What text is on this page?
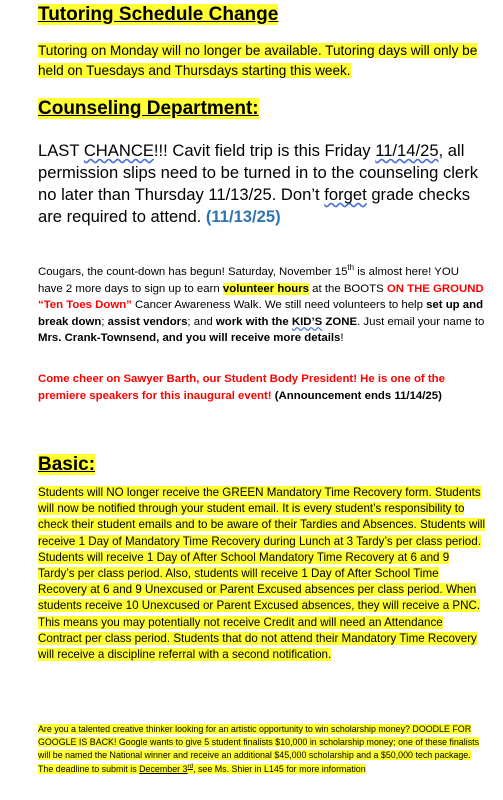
Tutoring Schedule Change
Tutoring on Monday will no longer be available. Tutoring days will only be held on Tuesdays and Thursdays starting this week.
Counseling Department:
LAST CHANCE!!! Cavit field trip is this Friday 11/14/25, all permission slips need to be turned in to the counseling clerk no later than Thursday 11/13/25. Don’t forget grade checks are required to attend. (11/13/25)
Cougars, the count-down has begun! Saturday, November 15th is almost here! YOU have 2 more days to sign up to earn volunteer hours at the BOOTS ON THE GROUND “Ten Toes Down” Cancer Awareness Walk. We still need volunteers to help set up and break down; assist vendors; and work with the KID’S ZONE. Just email your name to Mrs. Crank-Townsend, and you will receive more details!
Come cheer on Sawyer Barth, our Student Body President! He is one of the premiere speakers for this inaugural event! (Announcement ends 11/14/25)
Basic:
Students will NO longer receive the GREEN Mandatory Time Recovery form. Students will now be notified through your student email. It is every student’s responsibility to check their student emails and to be aware of their Tardies and Absences. Students will receive 1 Day of Mandatory Time Recovery during Lunch at 3 Tardy’s per class period. Students will receive 1 Day of After School Mandatory Time Recovery at 6 and 9 Tardy’s per class period. Also, students will receive 1 Day of After School Time Recovery at 6 and 9 Unexcused or Parent Excused absences per class period. When students receive 10 Unexcused or Parent Excused absences, they will receive a PNC. This means you may potentially not receive Credit and will need an Attendance Contract per class period. Students that do not attend their Mandatory Time Recovery will receive a discipline referral with a second notification.
Are you a talented creative thinker looking for an artistic opportunity to win scholarship money? DOODLE FOR GOOGLE IS BACK! Google wants to give 5 student finalists $10,000 in scholarship money; one of these finalists will be named the National winner and receive an additional $45,000 scholarship and a $50,000 tech package. The deadline to submit is December 3rd, see Ms. Shier in L145 for more information
